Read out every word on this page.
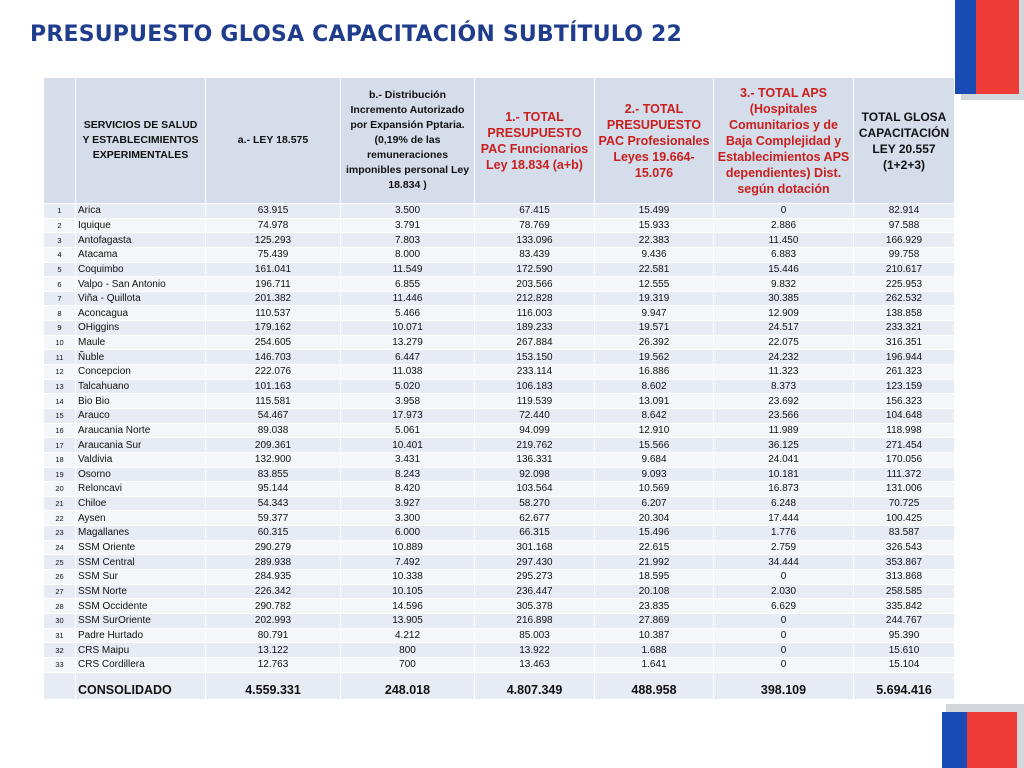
PRESUPUESTO GLOSA CAPACITACIÓN SUBTÍTULO 22
	SERVICIOS DE SALUD Y ESTABLECIMIENTOS EXPERIMENTALES	a.- LEY 18.575	b.- Distribución Incremento Autorizado por Expansión Pptaria. (0,19% de las remuneraciones imponibles personal Ley 18.834 )	1.- TOTAL PRESUPUESTO PAC Funcionarios Ley 18.834 (a+b)	2.- TOTAL PRESUPUESTO PAC Profesionales Leyes 19.664-15.076	3.- TOTAL APS (Hospitales Comunitarios y de Baja Complejidad y Establecimientos APS dependientes) Dist. según dotación	TOTAL GLOSA CAPACITACIÓN LEY 20.557 (1+2+3)
1	Arica	63.915	3.500	67.415	15.499	0	82.914
2	Iquique	74.978	3.791	78.769	15.933	2.886	97.588
3	Antofagasta	125.293	7.803	133.096	22.383	11.450	166.929
4	Atacama	75.439	8.000	83.439	9.436	6.883	99.758
5	Coquimbo	161.041	11.549	172.590	22.581	15.446	210.617
6	Valpo - San Antonio	196.711	6.855	203.566	12.555	9.832	225.953
7	Viña - Quillota	201.382	11.446	212.828	19.319	30.385	262.532
8	Aconcagua	110.537	5.466	116.003	9.947	12.909	138.858
9	OHiggins	179.162	10.071	189.233	19.571	24.517	233.321
10	Maule	254.605	13.279	267.884	26.392	22.075	316.351
11	Ñuble	146.703	6.447	153.150	19.562	24.232	196.944
12	Concepcion	222.076	11.038	233.114	16.886	11.323	261.323
13	Talcahuano	101.163	5.020	106.183	8.602	8.373	123.159
14	Bio Bio	115.581	3.958	119.539	13.091	23.692	156.323
15	Arauco	54.467	17.973	72.440	8.642	23.566	104.648
16	Araucania Norte	89.038	5.061	94.099	12.910	11.989	118.998
17	Araucania Sur	209.361	10.401	219.762	15.566	36.125	271.454
18	Valdivia	132.900	3.431	136.331	9.684	24.041	170.056
19	Osorno	83.855	8.243	92.098	9.093	10.181	111.372
20	Reloncavi	95.144	8.420	103.564	10.569	16.873	131.006
21	Chiloe	54.343	3.927	58.270	6.207	6.248	70.725
22	Aysen	59.377	3.300	62.677	20.304	17.444	100.425
23	Magallanes	60.315	6.000	66.315	15.496	1.776	83.587
24	SSM Oriente	290.279	10.889	301.168	22.615	2.759	326.543
25	SSM Central	289.938	7.492	297.430	21.992	34.444	353.867
26	SSM Sur	284.935	10.338	295.273	18.595	0	313.868
27	SSM Norte	226.342	10.105	236.447	20.108	2.030	258.585
28	SSM Occidente	290.782	14.596	305.378	23.835	6.629	335.842
30	SSM SurOriente	202.993	13.905	216.898	27.869	0	244.767
31	Padre Hurtado	80.791	4.212	85.003	10.387	0	95.390
32	CRS Maipu	13.122	800	13.922	1.688	0	15.610
33	CRS Cordillera	12.763	700	13.463	1.641	0	15.104
	CONSOLIDADO	4.559.331	248.018	4.807.349	488.958	398.109	5.694.416
